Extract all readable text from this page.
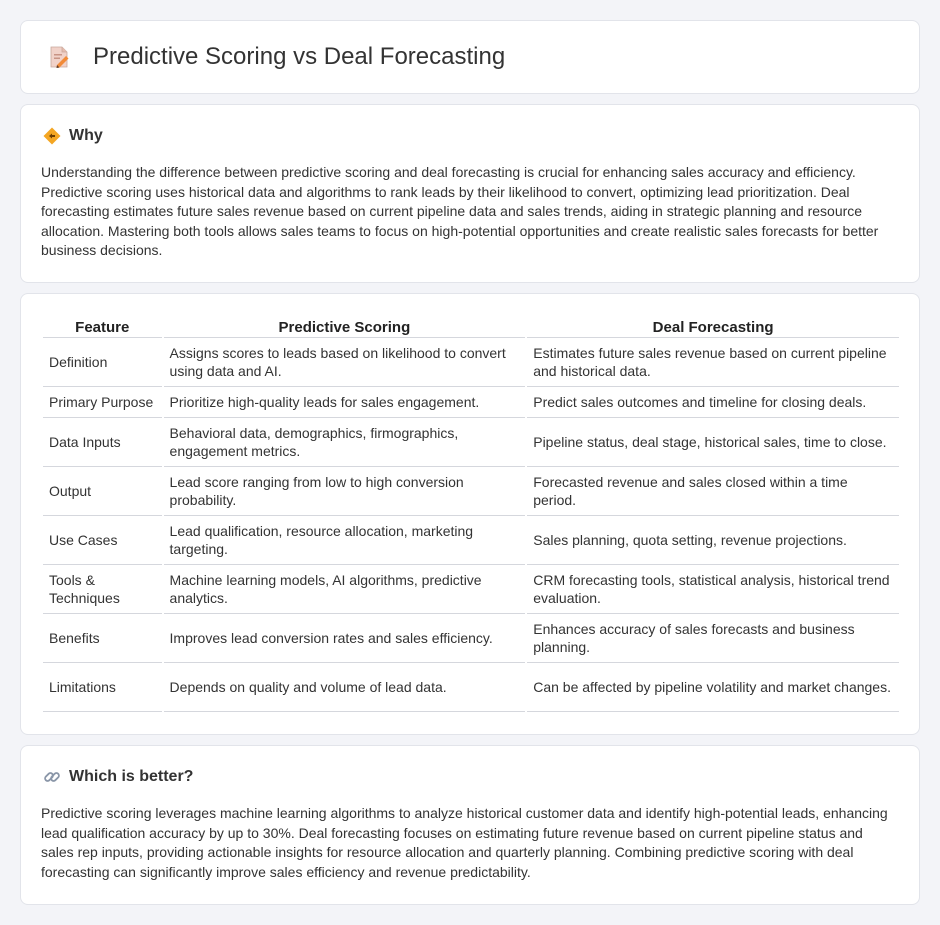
Predictive Scoring vs Deal Forecasting
Why

Understanding the difference between predictive scoring and deal forecasting is crucial for enhancing sales accuracy and efficiency. Predictive scoring uses historical data and algorithms to rank leads by their likelihood to convert, optimizing lead prioritization. Deal forecasting estimates future sales revenue based on current pipeline data and sales trends, aiding in strategic planning and resource allocation. Mastering both tools allows sales teams to focus on high-potential opportunities and create realistic sales forecasts for better business decisions.

Feature	Predictive Scoring	Deal Forecasting
Definition	Assigns scores to leads based on likelihood to convert using data and AI.	Estimates future sales revenue based on current pipeline and historical data.
Primary Purpose	Prioritize high-quality leads for sales engagement.	Predict sales outcomes and timeline for closing deals.
Data Inputs	Behavioral data, demographics, firmographics, engagement metrics.	Pipeline status, deal stage, historical sales, time to close.
Output	Lead score ranging from low to high conversion probability.	Forecasted revenue and sales closed within a time period.
Use Cases	Lead qualification, resource allocation, marketing targeting.	Sales planning, quota setting, revenue projections.
Tools & Techniques	Machine learning models, AI algorithms, predictive analytics.	CRM forecasting tools, statistical analysis, historical trend evaluation.
Benefits	Improves lead conversion rates and sales efficiency.	Enhances accuracy of sales forecasts and business planning.
Limitations	Depends on quality and volume of lead data.	Can be affected by pipeline volatility and market changes.
Which is better?

Predictive scoring leverages machine learning algorithms to analyze historical customer data and identify high-potential leads, enhancing lead qualification accuracy by up to 30%. Deal forecasting focuses on estimating future revenue based on current pipeline status and sales rep inputs, providing actionable insights for resource allocation and quarterly planning. Combining predictive scoring with deal forecasting can significantly improve sales efficiency and revenue predictability.
